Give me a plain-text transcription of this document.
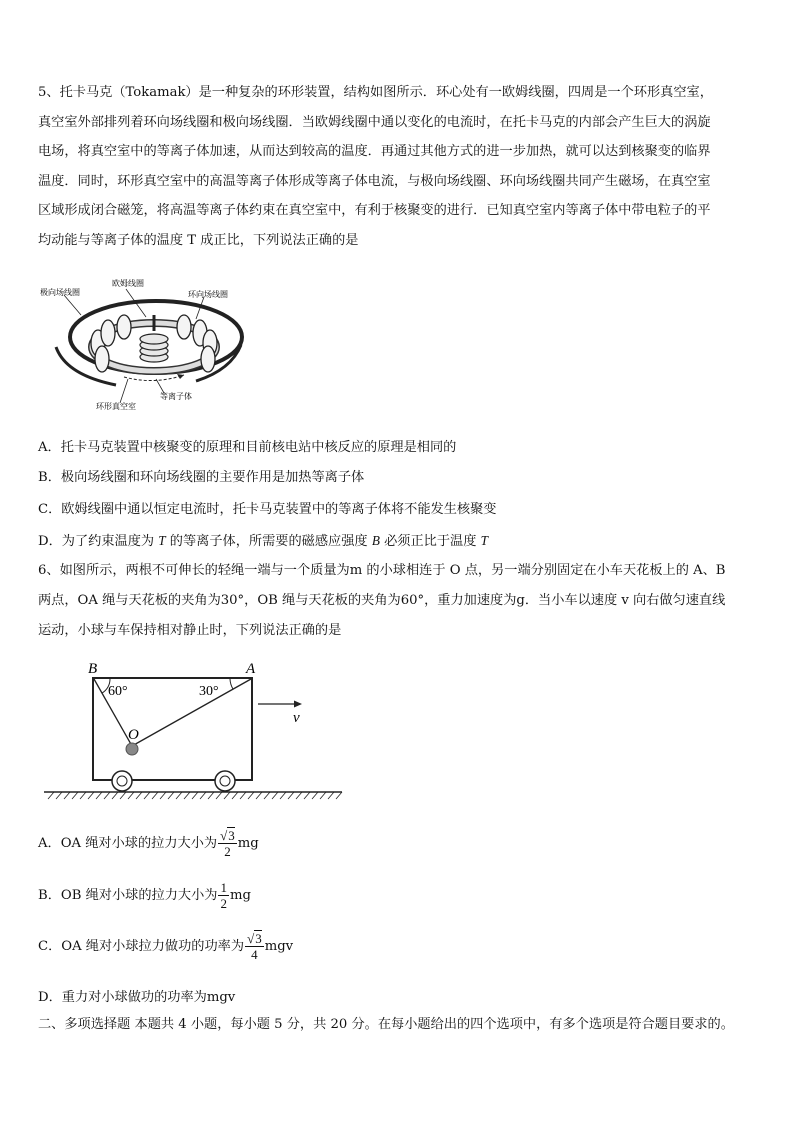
5、托卡马克（Tokamak）是一种复杂的环形装置，结构如图所示．环心处有一欧姆线圈，四周是一个环形真空室，
真空室外部排列着环向场线圈和极向场线圈．当欧姆线圈中通以变化的电流时，在托卡马克的内部会产生巨大的涡旋
电场，将真空室中的等离子体加速，从而达到较高的温度．再通过其他方式的进一步加热，就可以达到核聚变的临界
温度．同时，环形真空室中的高温等离子体形成等离子体电流，与极向场线圈、环向场线圈共同产生磁场，在真空室
区域形成闭合磁笼，将高温等离子体约束在真空室中，有利于核聚变的进行．已知真空室内等离子体中带电粒子的平
均动能与等离子体的温度 T 成正比，下列说法正确的是
极向场线圈
欧姆线圈
环向场线圈
等离子体
环形真空室
A．托卡马克装置中核聚变的原理和目前核电站中核反应的原理是相同的
B．极向场线圈和环向场线圈的主要作用是加热等离子体
C．欧姆线圈中通以恒定电流时，托卡马克装置中的等离子体将不能发生核聚变
D．为了约束温度为 T 的等离子体，所需要的磁感应强度 B 必须正比于温度 T
6、如图所示，两根不可伸长的轻绳一端与一个质量为m 的小球相连于 O 点，另一端分别固定在小车天花板上的 A、B
两点，OA 绳与天花板的夹角为30°，OB 绳与天花板的夹角为60°，重力加速度为g．当小车以速度 v 向右做匀速直线
运动，小球与车保持相对静止时，下列说法正确的是
B	A
60°	30°
O
v
A．OA 绳对小球的拉力大小为 $\frac{√3}{2}$ mg
B．OB 绳对小球的拉力大小为 $\frac{1}{2}$ mg
C．OA 绳对小球拉力做功的功率为 $\frac{√3}{4}$ mgv
D．重力对小球做功的功率为mgv
二、多项选择题 本题共 4 小题，每小题 5 分，共 20 分。在每小题给出的四个选项中，有多个选项是符合题目要求的。
